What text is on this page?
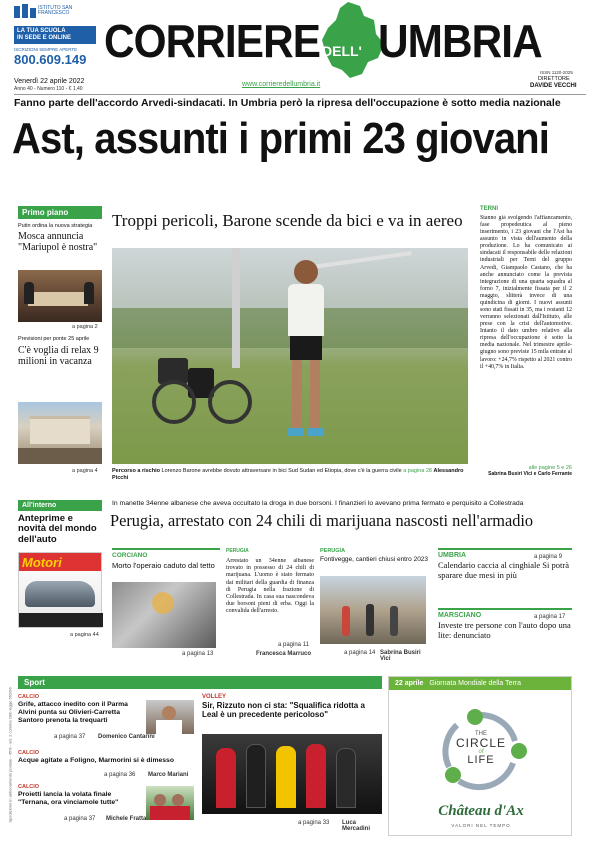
ISTITUTO SAN FRANCESCO
LA TUA SCUOLA
IN SEDE E ONLINE
ISCRIZIONI SEMPRE APERTE
800.609.149 CORRIERE DELL' UMBRIA
ISSN 1120-2025
Venerdì 22 aprile 2022
Anno 40 - Numero 110 - € 1,40
www.corrieredellumbria.it
DIRETTORE
DAVIDE VECCHI
Fanno parte dell'accordo Arvedi-sindacati. In Umbria però la ripresa dell'occupazione è sotto media nazionale
Ast, assunti i primi 23 giovani
Primo piano
Putin ordina la nuova strategia
Mosca annuncia "Mariupol è nostra"
a pagina 2
Previsioni per ponte 25 aprile
C'è voglia di relax 9 milioni in vacanza
a pagina 4
Troppi pericoli, Barone scende da bici e va in aereo
Percorso a rischio Lorenzo Barone avrebbe dovuto attraversare in bici Sud Sudan ed Etiopia, dove c'è la guerra civile a pagina 28 Alessandro Picchi
TERNI
Stanno già svolgendo l'affiancamento, fase propedeutica al pieno inserimento, i 23 giovani che l'Ast ha assunto in vista dell'aumento della produzione. Lo ha comunicato ai sindacati il responsabile delle relazioni industriali per Terni del gruppo Arvedi, Giampaolo Castano, che ha anche annunciato come la prevista integrazione di una quarta squadra al forno 7, inizialmente fissata per il 2 maggio, slitterà invece di una quindicina di giorni. I nuovi assunti sono stati fissati in 35, ma i restanti 12 verranno selezionati dall'Istituto, alle prese con la crisi dell'automotive. Intanto il dato umbro relativo alla ripresa dell'occupazione è sotto la media nazionale. Nel trimestre aprile-giugno sono previste 15 mila entrate al lavoro: +24,7% rispetto al 2021 contro il +40,7% in Italia.
alle pagine 5 e 26
Sabrina Busiri Vici e Carlo Ferrante
All'interno
Anteprime e novità del mondo dell'auto
Motori
a pagina 44
In manette 34enne albanese che aveva occultato la droga in due borsoni. I finanzieri lo avevano prima fermato e perquisito a Collestrada
Perugia, arrestato con 24 chili di marijuana nascosti nell'armadio
CORCIANO
Morto l'operaio caduto dal tetto
a pagina 13
PERUGIA
Arrestato un 34enne albanese trovato in possesso di 24 chili di marijuana. L'uomo è stato fermato dai militari della guardia di finanza di Perugia nella frazione di Collestrada. In casa sua nascondeva due borsoni pieni di erba. Oggi la convalida dell'arresto.
a pagina 11
Francesca Marruco
PERUGIA
Fontivegge, cantieri chiusi entro 2023
a pagina 14 Sabrina Busiri Vici
UMBRIA	a pagina 9
Calendario caccia al cinghiale Si potrà sparare due mesi in più
MARSCIANO	a pagina 17
Investe tre persone con l'auto dopo una lite: denunciato
Sport
CALCIO
Grife, attacco inedito con il Parma Alvini punta su Olivieri-Carretta Santoro prenota la trequarti
a pagina 37 Domenico Cantarini
CALCIO
Acque agitate a Foligno, Marmorini si è dimesso
a pagina 36 Marco Mariani
CALCIO
Proietti lancia la volata finale "Ternana, ora vinciamole tutte"
a pagina 37 Michele Fratta
VOLLEY
Sir, Rizzuto non ci sta: "Squalifica ridotta a Leal è un precedente pericoloso"
a pagina 33 Luca Mercadini
22 aprile Giornata Mondiale della Terra
THE
CIRCLE
of
LIFE
Château d'Ax
VALORI NEL TEMPO
Spedizione in abbonamento postale - 45% - art. 2 comma 20/b legge 662/96
